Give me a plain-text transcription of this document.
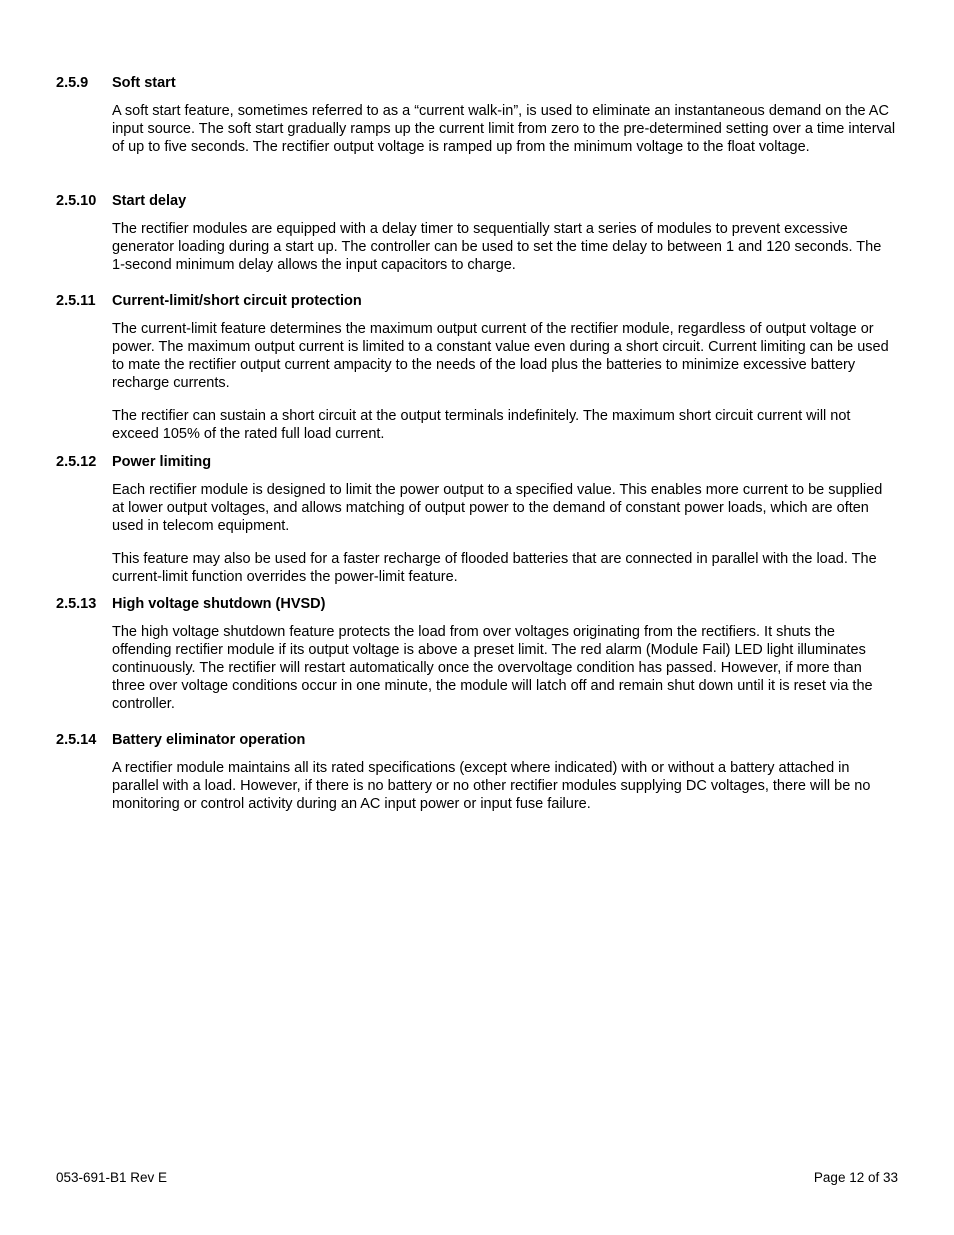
2.5.9	Soft start

A soft start feature, sometimes referred to as a “current walk-in”, is used to eliminate an instantaneous demand on the AC input source. The soft start gradually ramps up the current limit from zero to the pre-determined setting over a time interval of up to five seconds. The rectifier output voltage is ramped up from the minimum voltage to the float voltage.

2.5.10	Start delay

The rectifier modules are equipped with a delay timer to sequentially start a series of modules to prevent excessive generator loading during a start up. The controller can be used to set the time delay to between 1 and 120 seconds. The 1-second minimum delay allows the input capacitors to charge.

2.5.11	Current-limit/short circuit protection

The current-limit feature determines the maximum output current of the rectifier module, regardless of output voltage or power. The maximum output current is limited to a constant value even during a short circuit. Current limiting can be used to mate the rectifier output current ampacity to the needs of the load plus the batteries to minimize excessive battery recharge currents.

The rectifier can sustain a short circuit at the output terminals indefinitely. The maximum short circuit current will not exceed 105% of the rated full load current.

2.5.12	Power limiting

Each rectifier module is designed to limit the power output to a specified value. This enables more current to be supplied at lower output voltages, and allows matching of output power to the demand of constant power loads, which are often used in telecom equipment.

This feature may also be used for a faster recharge of flooded batteries that are connected in parallel with the load. The current-limit function overrides the power-limit feature.

2.5.13	High voltage shutdown (HVSD)

The high voltage shutdown feature protects the load from over voltages originating from the rectifiers. It shuts the offending rectifier module if its output voltage is above a preset limit. The red alarm (Module Fail) LED light illuminates continuously. The rectifier will restart automatically once the overvoltage condition has passed. However, if more than three over voltage conditions occur in one minute, the module will latch off and remain shut down until it is reset via the controller.

2.5.14	Battery eliminator operation

A rectifier module maintains all its rated specifications (except where indicated) with or without a battery attached in parallel with a load. However, if there is no battery or no other rectifier modules supplying DC voltages, there will be no monitoring or control activity during an AC input power or input fuse failure.

053-691-B1 Rev E	Page 12 of 33
